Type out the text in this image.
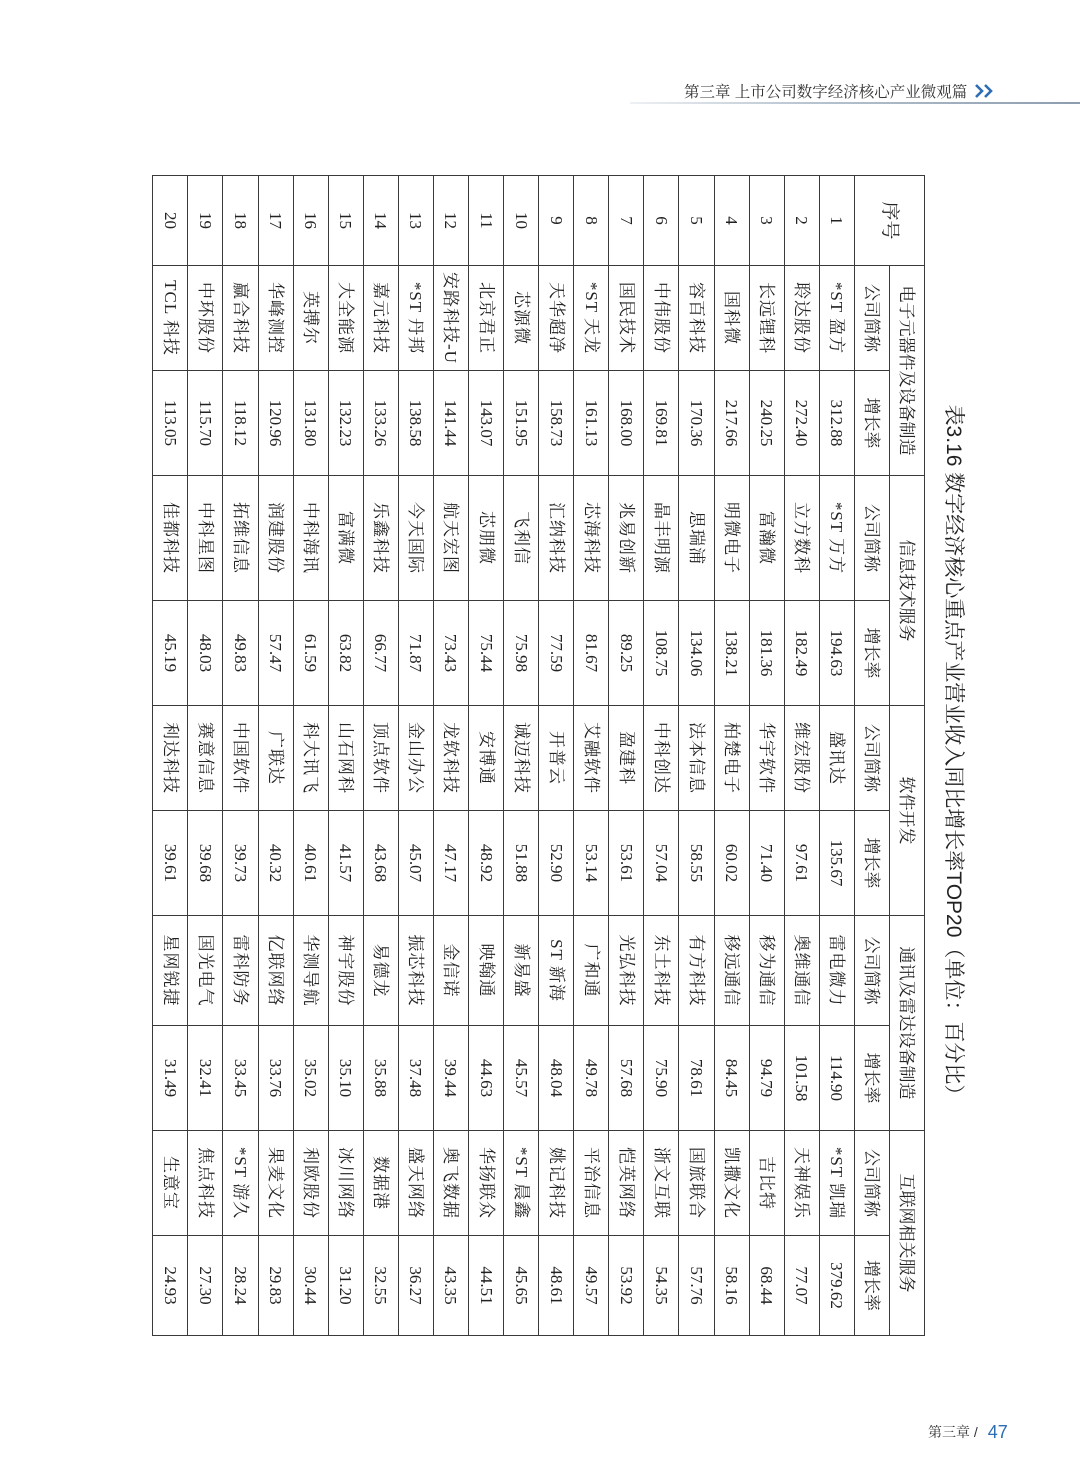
第三章 上市公司数字经济核心产业微观篇
表3.16 数字经济核心重点产业营业收入同比增长率TOP20（单位：百分比）
序号	电子元器件及设备制造		信息技术服务		软件开发		通讯及雷达设备制造		互联网相关服务	
	公司简称	增长率	公司简称	增长率	公司简称	增长率	公司简称	增长率	公司简称	增长率
1	*ST 盈方	312.88	*ST 万方	194.63	盛讯达	135.67	雷电微力	114.90	*ST 凯瑞	379.62
2	聆达股份	272.40	立方数科	182.49	维宏股份	97.61	奥维通信	101.58	天神娱乐	77.07
3	长远锂科	240.25	富瀚微	181.36	华宇软件	71.40	移为通信	94.79	吉比特	68.44
4	国科微	217.66	明微电子	138.21	柏楚电子	60.02	移远通信	84.45	凯撒文化	58.16
5	容百科技	170.36	思瑞浦	134.06	法本信息	58.55	有方科技	78.61	国旅联合	57.76
6	中伟股份	169.81	晶丰明源	108.75	中科创达	57.04	东土科技	75.90	浙文互联	54.35
7	国民技术	168.00	兆易创新	89.25	盈建科	53.61	光弘科技	57.68	恺英网络	53.92
8	*ST 天龙	161.13	芯海科技	81.67	艾融软件	53.14	广和通	49.78	平治信息	49.57
9	天华超净	158.73	汇纳科技	77.59	开普云	52.90	ST 新海	48.04	姚记科技	48.61
10	芯源微	151.95	飞利信	75.98	诚迈科技	51.88	新易盛	45.57	*ST 晨鑫	45.65
11	北京君正	143.07	芯朋微	75.44	安博通	48.92	映翰通	44.63	华扬联众	44.51
12	安路科技-U	141.44	航天宏图	73.43	龙软科技	47.17	金信诺	39.44	奥飞数据	43.35
13	*ST 丹邦	138.58	今天国际	71.87	金山办公	45.07	振芯科技	37.48	盛天网络	36.27
14	嘉元科技	133.26	乐鑫科技	66.77	顶点软件	43.68	易德龙	35.88	数据港	32.55
15	大全能源	132.23	富满微	63.82	山石网科	41.57	神宇股份	35.10	冰川网络	31.20
16	英搏尔	131.80	中科海讯	61.59	科大讯飞	40.61	华测导航	35.02	利欧股份	30.44
17	华峰测控	120.96	润建股份	57.47	广联达	40.32	亿联网络	33.76	果麦文化	29.83
18	赢合科技	118.12	拓维信息	49.83	中国软件	39.73	雷科防务	33.45	*ST 游久	28.24
19	中环股份	115.70	中科星图	48.03	赛意信息	39.68	国光电气	32.41	焦点科技	27.30
20	TCL 科技	113.05	佳都科技	45.19	利达科技	39.61	星网锐捷	31.49	生意宝	24.93
第三章 / 47
